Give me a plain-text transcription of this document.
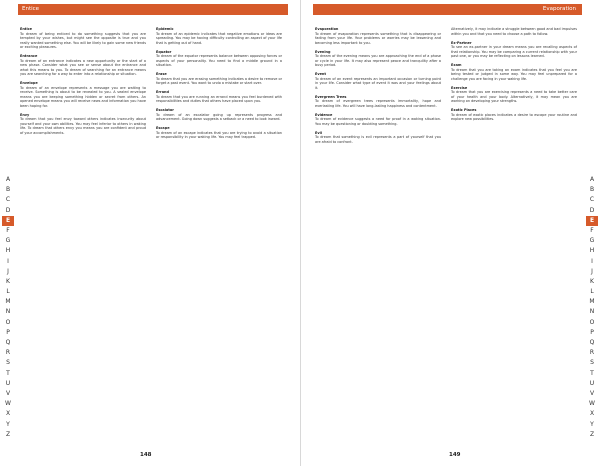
Entice
Entice
To dream of being enticed to do something suggests that you are tempted by your wishes, but might see the opposite is true and you really wanted something else. You will be likely to gain some new friends or exciting pleasures.
Entrance
To dream of an entrance indicates a new opportunity or the start of a new phase. Consider what you see or sense about the entrance and what this means to you. To dream of searching for an entrance means you are searching for a way to enter into a relationship or situation.
Envelope
To dream of an envelope represents a message you are waiting to receive. Something is about to be revealed to you. A sealed envelope means you are keeping something hidden or secret from others. An opened envelope means you will receive news and information you have been hoping for.
Envy
To dream that you feel envy toward others indicates insecurity about yourself and your own abilities. You may feel inferior to others in waking life. To dream that others envy you means you are confident and proud of your accomplishments.
Epidemic
To dream of an epidemic indicates that negative emotions or ideas are spreading. You may be having difficulty controlling an aspect of your life that is getting out of hand.
Equator
To dream of the equator represents balance between opposing forces or aspects of your personality. You need to find a middle ground in a situation.
Erase
To dream that you are erasing something indicates a desire to remove or forget a past event. You want to undo a mistake or start over.
Errand
To dream that you are running an errand means you feel burdened with responsibilities and duties that others have placed upon you.
Escalator
To dream of an escalator going up represents progress and advancement. Going down suggests a setback or a need to look inward.
Escape
To dream of an escape indicates that you are trying to avoid a situation or responsibility in your waking life. You may feel trapped.
A
B
C
D
E
F
G
H
I
J
K
L
M
N
O
P
Q
R
S
T
U
V
W
X
Y
Z
148
Evaporation
Evaporation
To dream of evaporation represents something that is disappearing or fading from your life. Your problems or worries may be lessening and becoming less important to you.
Evening
To dream of the evening means you are approaching the end of a phase or cycle in your life. It may also represent peace and tranquility after a busy period.
Event
To dream of an event represents an important occasion or turning point in your life. Consider what type of event it was and your feelings about it.
Evergreen Trees
To dream of evergreen trees represents immortality, hope and everlasting life. You will have long-lasting happiness and contentment.
Evidence
To dream of evidence suggests a need for proof in a waking situation. You may be questioning or doubting something.
Evil
To dream that something is evil represents a part of yourself that you are afraid to confront.
Alternatively, it may indicate a struggle between good and bad impulses within you and that you need to choose a path to follow.
Ex-Partner
To see an ex-partner in your dream means you are recalling aspects of that relationship. You may be comparing a current relationship with your past one, or you may be reflecting on lessons learned.
Exam
To dream that you are taking an exam indicates that you feel you are being tested or judged in some way. You may feel unprepared for a challenge you are facing in your waking life.
Exercise
To dream that you are exercising represents a need to take better care of your health and your body. Alternatively, it may mean you are working on developing your strengths.
Exotic Places
To dream of exotic places indicates a desire to escape your routine and explore new possibilities.
A
B
C
D
E
F
G
H
I
J
K
L
M
N
O
P
Q
R
S
T
U
V
W
X
Y
Z
149
